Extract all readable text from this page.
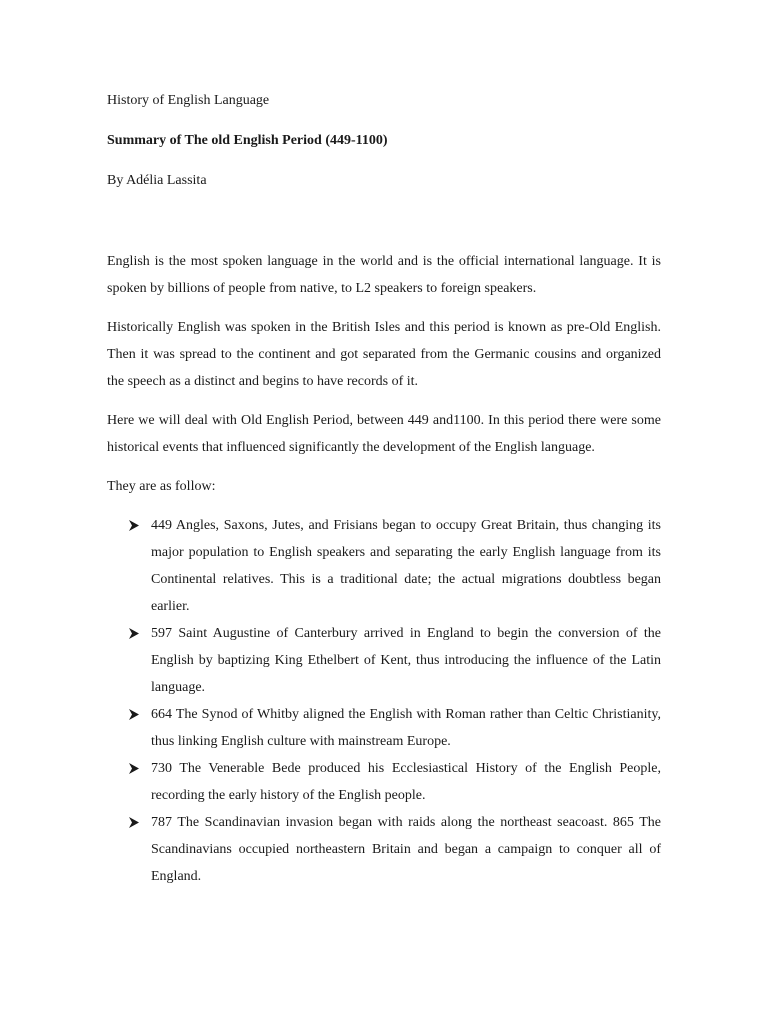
History of English Language
Summary of The old English Period (449-1100)
By Adélia Lassita

English is the most spoken language in the world and is the official international language. It is spoken by billions of people from native, to L2 speakers to foreign speakers.

Historically English was spoken in the British Isles and this period is known as pre-Old English. Then it was spread to the continent and got separated from the Germanic cousins and organized the speech as a distinct and begins to have records of it.

Here we will deal with Old English Period, between 449 and1100. In this period there were some historical events that influenced significantly the development of the English language.

They are as follow:

449 Angles, Saxons, Jutes, and Frisians began to occupy Great Britain, thus changing its major population to English speakers and separating the early English language from its Continental relatives. This is a traditional date; the actual migrations doubtless began earlier.
597 Saint Augustine of Canterbury arrived in England to begin the conversion of the English by baptizing King Ethelbert of Kent, thus introducing the influence of the Latin language.
664 The Synod of Whitby aligned the English with Roman rather than Celtic Christianity, thus linking English culture with mainstream Europe.
730 The Venerable Bede produced his Ecclesiastical History of the English People, recording the early history of the English people.
787 The Scandinavian invasion began with raids along the northeast seacoast. 865 The Scandinavians occupied northeastern Britain and began a campaign to conquer all of England.
